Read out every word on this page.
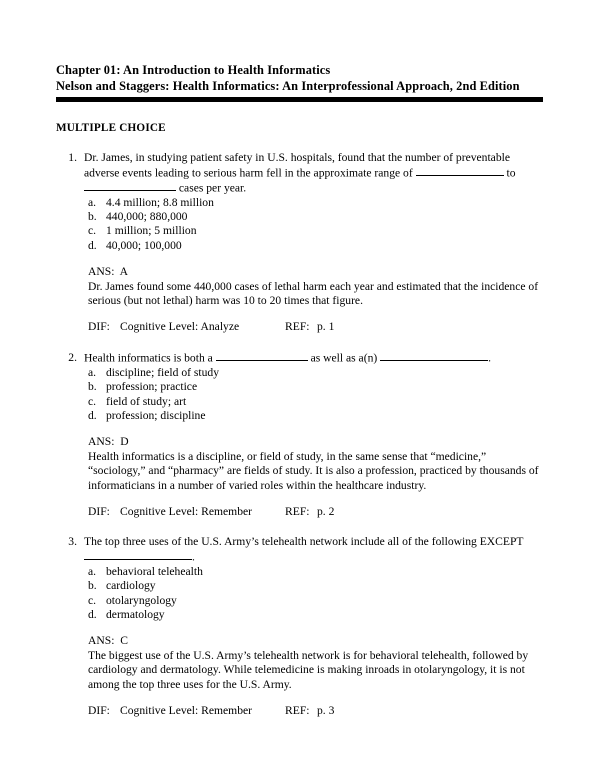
Chapter 01: An Introduction to Health Informatics
Nelson and Staggers: Health Informatics: An Interprofessional Approach, 2nd Edition
MULTIPLE CHOICE
1. Dr. James, in studying patient safety in U.S. hospitals, found that the number of preventable adverse events leading to serious harm fell in the approximate range of	to  cases per year.
a. 4.4 million; 8.8 million
b. 440,000; 880,000
c. 1 million; 5 million
d. 40,000; 100,000
ANS:  A
Dr. James found some 440,000 cases of lethal harm each year and estimated that the incidence of serious (but not lethal) harm was 10 to 20 times that figure.
DIF: Cognitive Level: Analyze	REF: p. 1
2. Health informatics is both a	as well as a(n)	.
a. discipline; field of study
b. profession; practice
c. field of study; art
d. profession; discipline
ANS:  D
Health informatics is a discipline, or field of study, in the same sense that “medicine,” “sociology,” and “pharmacy” are fields of study. It is also a profession, practiced by thousands of informaticians in a number of varied roles within the healthcare industry.
DIF: Cognitive Level: Remember	REF: p. 2
3. The top three uses of the U.S. Army’s telehealth network include all of the following EXCEPT .
a. behavioral telehealth
b. cardiology
c. otolaryngology
d. dermatology
ANS:  C
The biggest use of the U.S. Army’s telehealth network is for behavioral telehealth, followed by cardiology and dermatology. While telemedicine is making inroads in otolaryngology, it is not among the top three uses for the U.S. Army.
DIF: Cognitive Level: Remember	REF: p. 3
